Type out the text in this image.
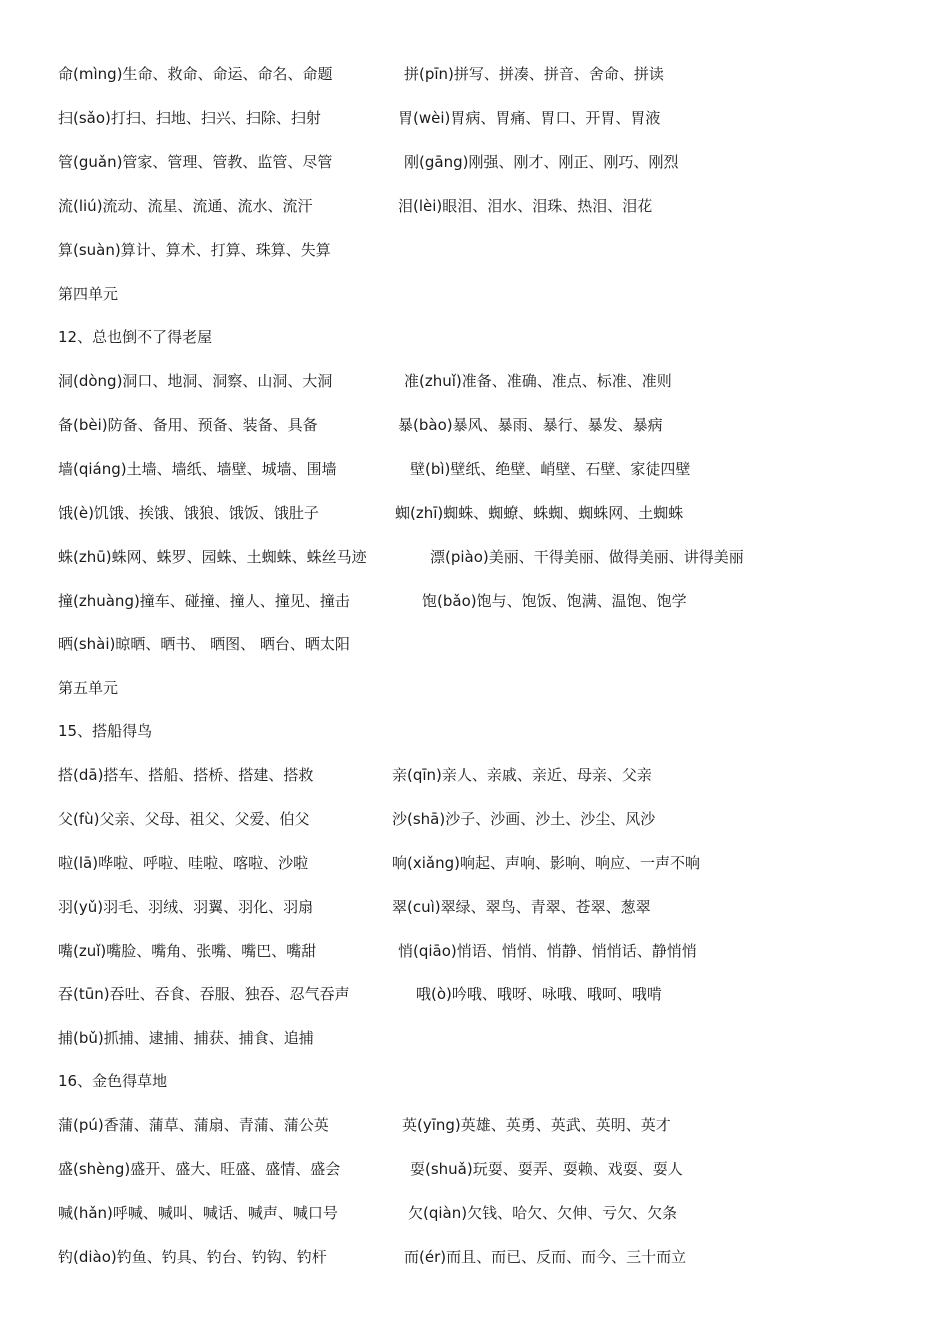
命(mìng)生命、救命、命运、命名、命题	拼(pīn)拼写、拼凑、拼音、舍命、拼读
扫(sǎo)打扫、扫地、扫兴、扫除、扫射	胃(wèi)胃病、胃痛、胃口、开胃、胃液
管(guǎn)管家、管理、管教、监管、尽管	刚(gāng)刚强、刚才、刚正、刚巧、刚烈
流(liú)流动、流星、流通、流水、流汗	泪(lèi)眼泪、泪水、泪珠、热泪、泪花
算(suàn)算计、算术、打算、珠算、失算
第四单元
12、总也倒不了得老屋
洞(dòng)洞口、地洞、洞察、山洞、大洞	准(zhuǐ)准备、准确、准点、标准、准则
备(bèi)防备、备用、预备、装备、具备	暴(bào)暴风、暴雨、暴行、暴发、暴病
墙(qiáng)土墙、墙纸、墙壁、城墙、围墙	壁(bì)壁纸、绝壁、峭壁、石壁、家徒四壁
饿(è)饥饿、挨饿、饿狼、饿饭、饿肚子	蜘(zhī)蜘蛛、蜘蟟、蛛蜘、蜘蛛网、土蜘蛛
蛛(zhū)蛛网、蛛罗、园蛛、土蜘蛛、蛛丝马迹	漂(piào)美丽、干得美丽、做得美丽、讲得美丽
撞(zhuàng)撞车、碰撞、撞人、撞见、撞击	饱(bǎo)饱与、饱饭、饱满、温饱、饱学
晒(shài)晾晒、晒书、 晒图、 晒台、晒太阳
第五单元
15、搭船得鸟
搭(dā)搭车、搭船、搭桥、搭建、搭救	亲(qīn)亲人、亲戚、亲近、母亲、父亲
父(fù)父亲、父母、祖父、父爱、伯父	沙(shā)沙子、沙画、沙土、沙尘、风沙
啦(lā)哗啦、呼啦、哇啦、喀啦、沙啦	响(xiǎng)响起、声响、影响、响应、一声不响
羽(yǔ)羽毛、羽绒、羽翼、羽化、羽扇	翠(cuì)翠绿、翠鸟、青翠、苍翠、葱翠
嘴(zuǐ)嘴脸、嘴角、张嘴、嘴巴、嘴甜	悄(qiāo)悄语、悄悄、悄静、悄悄话、静悄悄
吞(tūn)吞吐、吞食、吞服、独吞、忍气吞声	哦(ò)吟哦、哦呀、咏哦、哦呵、哦啃
捕(bǔ)抓捕、逮捕、捕获、捕食、追捕
16、金色得草地
蒲(pú)香蒲、蒲草、蒲扇、青蒲、蒲公英	英(yīng)英雄、英勇、英武、英明、英才
盛(shèng)盛开、盛大、旺盛、盛情、盛会	耍(shuǎ)玩耍、耍弄、耍赖、戏耍、耍人
喊(hǎn)呼喊、喊叫、喊话、喊声、喊口号	欠(qiàn)欠钱、哈欠、欠伸、亏欠、欠条
钓(diào)钓鱼、钓具、钓台、钓钩、钓杆	而(ér)而且、而已、反而、而今、三十而立
